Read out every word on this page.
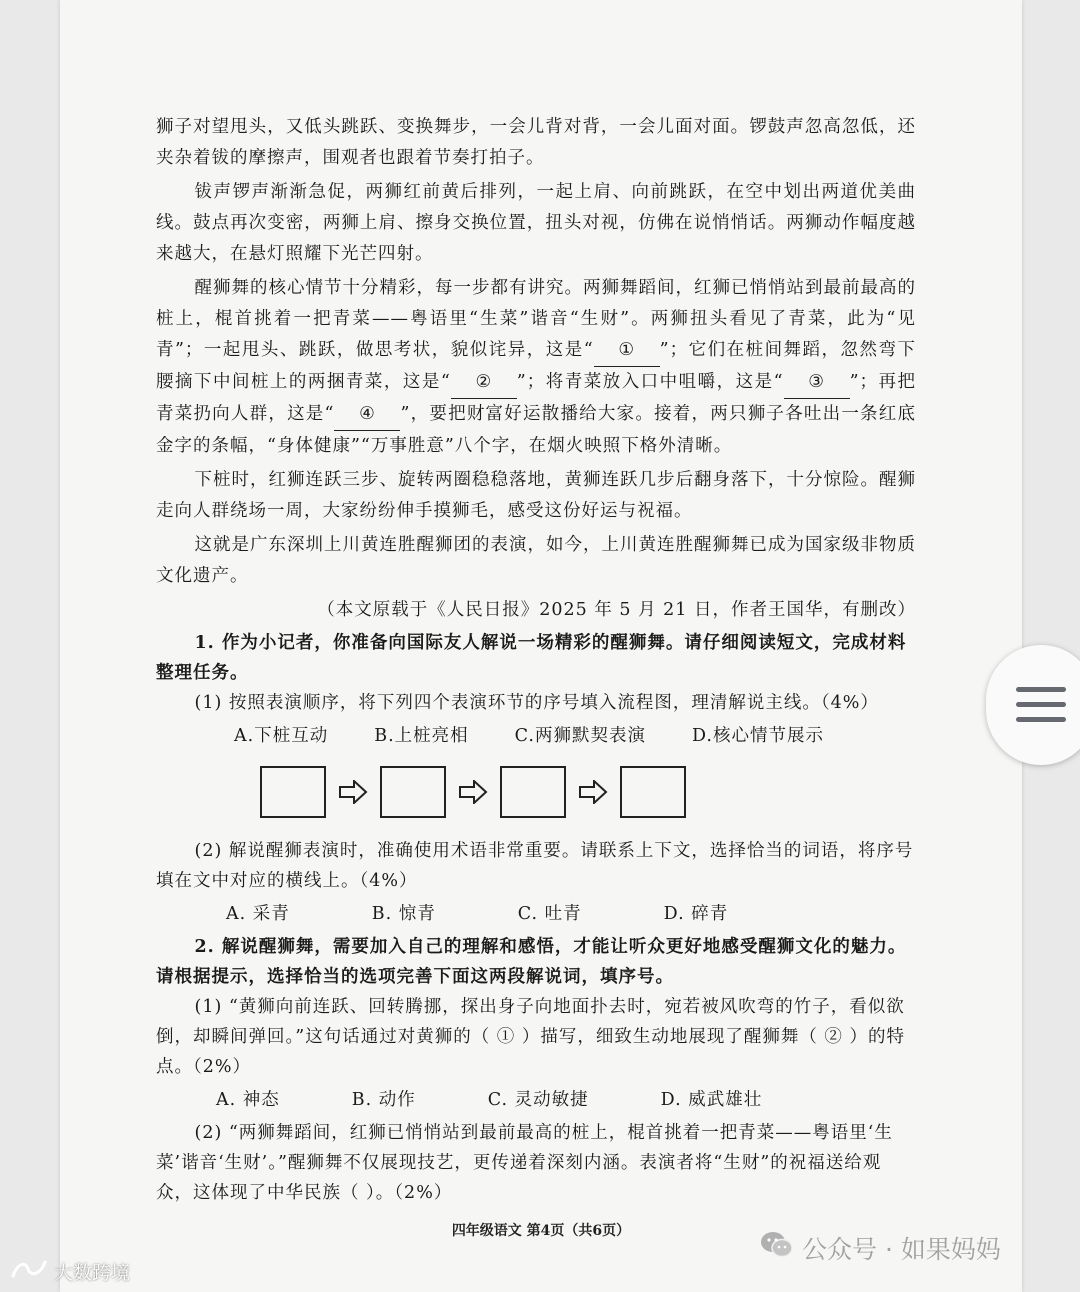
狮子对望甩头，又低头跳跃、变换舞步，一会儿背对背，一会儿面对面。锣鼓声忽高忽低，还夹杂着钹的摩擦声，围观者也跟着节奏打拍子。

钹声锣声渐渐急促，两狮红前黄后排列，一起上肩、向前跳跃，在空中划出两道优美曲线。鼓点再次变密，两狮上肩、擦身交换位置，扭头对视，仿佛在说悄悄话。两狮动作幅度越来越大，在悬灯照耀下光芒四射。

醒狮舞的核心情节十分精彩，每一步都有讲究。两狮舞蹈间，红狮已悄悄站到最前最高的桩上，棍首挑着一把青菜——粤语里“生菜”谐音“生财”。两狮扭头看见了青菜，此为“见青”；一起甩头、跳跃，做思考状，貌似诧异，这是“ ① ”；它们在桩间舞蹈，忽然弯下腰摘下中间桩上的两捆青菜，这是“ ② ”；将青菜放入口中咀嚼，这是“ ③ ”；再把青菜扔向人群，这是“ ④ ”，要把财富好运散播给大家。接着，两只狮子各吐出一条红底金字的条幅，“身体健康”“万事胜意”八个字，在烟火映照下格外清晰。

下桩时，红狮连跃三步、旋转两圈稳稳落地，黄狮连跃几步后翻身落下，十分惊险。醒狮走向人群绕场一周，大家纷纷伸手摸狮毛，感受这份好运与祝福。

这就是广东深圳上川黄连胜醒狮团的表演，如今，上川黄连胜醒狮舞已成为国家级非物质文化遗产。

（本文原载于《人民日报》2025 年 5 月 21 日，作者王国华，有删改）

1. 作为小记者，你准备向国际友人解说一场精彩的醒狮舞。请仔细阅读短文，完成材料整理任务。

(1) 按照表演顺序，将下列四个表演环节的序号填入流程图，理清解说主线。（4%）

A.下桩互动	B.上桩亮相	C.两狮默契表演	D.核心情节展示

(2) 解说醒狮表演时，准确使用术语非常重要。请联系上下文，选择恰当的词语，将序号填在文中对应的横线上。（4%）

A. 采青	B. 惊青	C. 吐青	D. 碎青

2. 解说醒狮舞，需要加入自己的理解和感悟，才能让听众更好地感受醒狮文化的魅力。请根据提示，选择恰当的选项完善下面这两段解说词，填序号。

(1) “黄狮向前连跃、回转腾挪，探出身子向地面扑去时，宛若被风吹弯的竹子，看似欲倒，却瞬间弹回。”这句话通过对黄狮的（ ① ）描写，细致生动地展现了醒狮舞（ ② ）的特点。（2%）

A. 神态	B. 动作	C. 灵动敏捷	D. 威武雄壮

(2) “两狮舞蹈间，红狮已悄悄站到最前最高的桩上，棍首挑着一把青菜——粤语里‘生菜’谐音‘生财’。”醒狮舞不仅展现技艺，更传递着深刻内涵。表演者将“生财”的祝福送给观众，这体现了中华民族（ ）。（2%）

四年级语文 第4页（共6页）
大数跨境
公众号 · 如果妈妈
